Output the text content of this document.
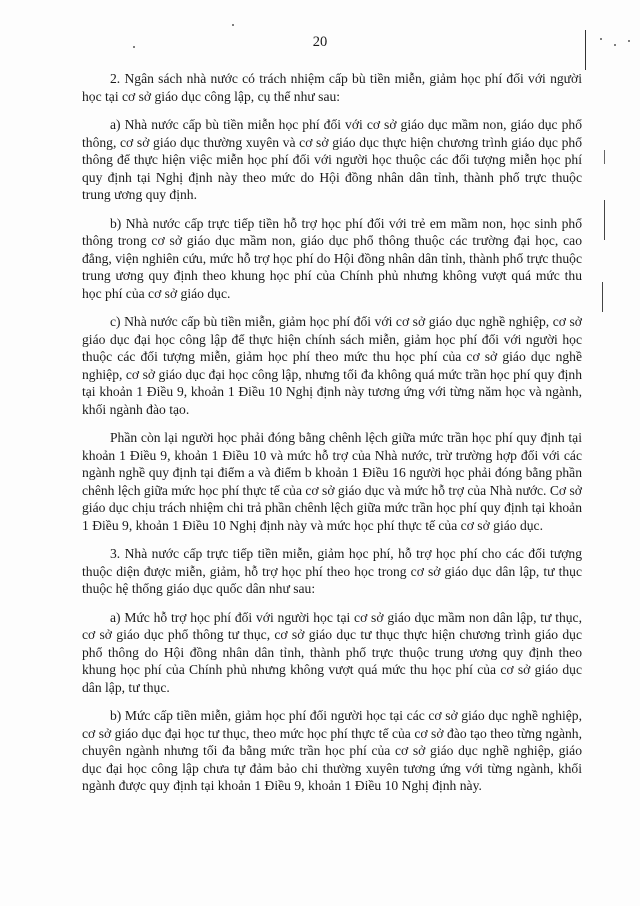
20

2. Ngân sách nhà nước có trách nhiệm cấp bù tiền miễn, giảm học phí đối với người học tại cơ sở giáo dục công lập, cụ thể như sau:

a) Nhà nước cấp bù tiền miễn học phí đối với cơ sở giáo dục mầm non, giáo dục phổ thông, cơ sở giáo dục thường xuyên và cơ sở giáo dục thực hiện chương trình giáo dục phổ thông để thực hiện việc miễn học phí đối với người học thuộc các đối tượng miễn học phí quy định tại Nghị định này theo mức do Hội đồng nhân dân tỉnh, thành phố trực thuộc trung ương quy định.

b) Nhà nước cấp trực tiếp tiền hỗ trợ học phí đối với trẻ em mầm non, học sinh phổ thông trong cơ sở giáo dục mầm non, giáo dục phổ thông thuộc các trường đại học, cao đẳng, viện nghiên cứu, mức hỗ trợ học phí do Hội đồng nhân dân tỉnh, thành phố trực thuộc trung ương quy định theo khung học phí của Chính phủ nhưng không vượt quá mức thu học phí của cơ sở giáo dục.

c) Nhà nước cấp bù tiền miễn, giảm học phí đối với cơ sở giáo dục nghề nghiệp, cơ sở giáo dục đại học công lập để thực hiện chính sách miễn, giảm học phí đối với người học thuộc các đối tượng miễn, giảm học phí theo mức thu học phí của cơ sở giáo dục nghề nghiệp, cơ sở giáo dục đại học công lập, nhưng tối đa không quá mức trần học phí quy định tại khoản 1 Điều 9, khoản 1 Điều 10 Nghị định này tương ứng với từng năm học và ngành, khối ngành đào tạo.

Phần còn lại người học phải đóng bằng chênh lệch giữa mức trần học phí quy định tại khoản 1 Điều 9, khoản 1 Điều 10 và mức hỗ trợ của Nhà nước, trừ trường hợp đối với các ngành nghề quy định tại điểm a và điểm b khoản 1 Điều 16 người học phải đóng bằng phần chênh lệch giữa mức học phí thực tế của cơ sở giáo dục và mức hỗ trợ của Nhà nước. Cơ sở giáo dục chịu trách nhiệm chi trả phần chênh lệch giữa mức trần học phí quy định tại khoản 1 Điều 9, khoản 1 Điều 10 Nghị định này và mức học phí thực tế của cơ sở giáo dục.

3. Nhà nước cấp trực tiếp tiền miễn, giảm học phí, hỗ trợ học phí cho các đối tượng thuộc diện được miễn, giảm, hỗ trợ học phí theo học trong cơ sở giáo dục dân lập, tư thục thuộc hệ thống giáo dục quốc dân như sau:

a) Mức hỗ trợ học phí đối với người học tại cơ sở giáo dục mầm non dân lập, tư thục, cơ sở giáo dục phổ thông tư thục, cơ sở giáo dục tư thục thực hiện chương trình giáo dục phổ thông do Hội đồng nhân dân tỉnh, thành phố trực thuộc trung ương quy định theo khung học phí của Chính phủ nhưng không vượt quá mức thu học phí của cơ sở giáo dục dân lập, tư thục.

b) Mức cấp tiền miễn, giảm học phí đối người học tại các cơ sở giáo dục nghề nghiệp, cơ sở giáo dục đại học tư thục, theo mức học phí thực tế của cơ sở đào tạo theo từng ngành, chuyên ngành nhưng tối đa bằng mức trần học phí của cơ sở giáo dục nghề nghiệp, giáo dục đại học công lập chưa tự đảm bảo chi thường xuyên tương ứng với từng ngành, khối ngành được quy định tại khoản 1 Điều 9, khoản 1 Điều 10 Nghị định này.
